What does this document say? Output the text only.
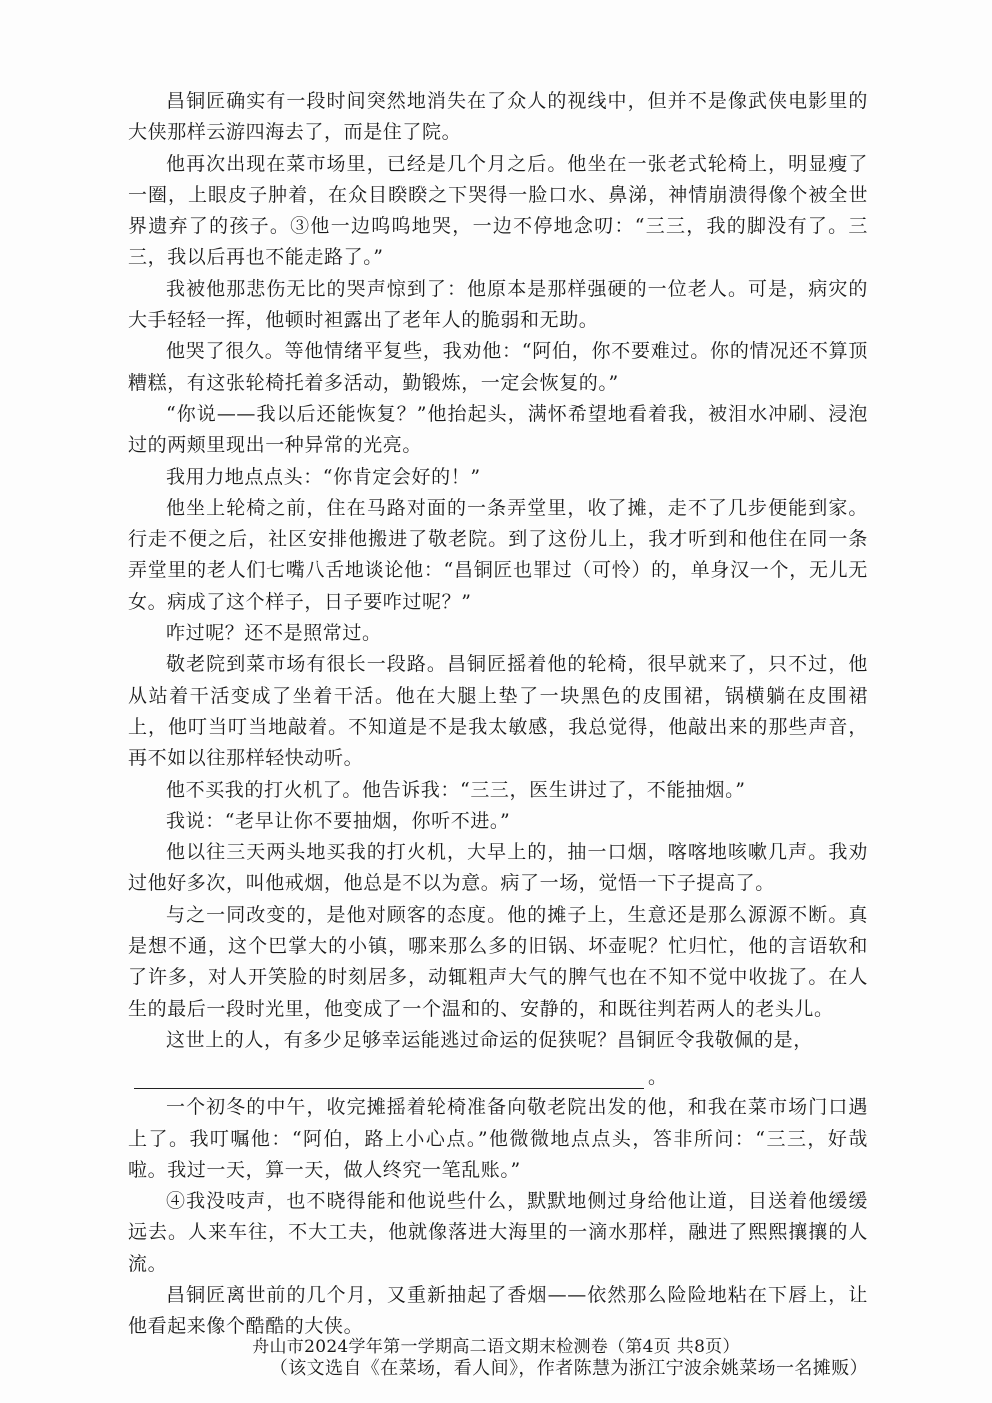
昌铜匠确实有一段时间突然地消失在了众人的视线中，但并不是像武侠电影里的大侠那样云游四海去了，而是住了院。

他再次出现在菜市场里，已经是几个月之后。他坐在一张老式轮椅上，明显瘦了一圈，上眼皮子肿着，在众目睽睽之下哭得一脸口水、鼻涕，神情崩溃得像个被全世界遗弃了的孩子。③他一边呜呜地哭，一边不停地念叨：“三三，我的脚没有了。三三，我以后再也不能走路了。”

我被他那悲伤无比的哭声惊到了：他原本是那样强硬的一位老人。可是，病灾的大手轻轻一挥，他顿时袒露出了老年人的脆弱和无助。

他哭了很久。等他情绪平复些，我劝他：“阿伯，你不要难过。你的情况还不算顶糟糕，有这张轮椅托着多活动，勤锻炼，一定会恢复的。”

“你说——我以后还能恢复？”他抬起头，满怀希望地看着我，被泪水冲刷、浸泡过的两颊里现出一种异常的光亮。

我用力地点点头：“你肯定会好的！”

他坐上轮椅之前，住在马路对面的一条弄堂里，收了摊，走不了几步便能到家。行走不便之后，社区安排他搬进了敬老院。到了这份儿上，我才听到和他住在同一条弄堂里的老人们七嘴八舌地谈论他：“昌铜匠也罪过（可怜）的，单身汉一个，无儿无女。病成了这个样子，日子要咋过呢？”

咋过呢？还不是照常过。

敬老院到菜市场有很长一段路。昌铜匠摇着他的轮椅，很早就来了，只不过，他从站着干活变成了坐着干活。他在大腿上垫了一块黑色的皮围裙，锅横躺在皮围裙上，他叮当叮当地敲着。不知道是不是我太敏感，我总觉得，他敲出来的那些声音，再不如以往那样轻快动听。

他不买我的打火机了。他告诉我：“三三，医生讲过了，不能抽烟。”

我说：“老早让你不要抽烟，你听不进。”

他以往三天两头地买我的打火机，大早上的，抽一口烟，喀喀地咳嗽几声。我劝过他好多次，叫他戒烟，他总是不以为意。病了一场，觉悟一下子提高了。

与之一同改变的，是他对顾客的态度。他的摊子上，生意还是那么源源不断。真是想不通，这个巴掌大的小镇，哪来那么多的旧锅、坏壶呢？忙归忙，他的言语软和了许多，对人开笑脸的时刻居多，动辄粗声大气的脾气也在不知不觉中收拢了。在人生的最后一段时光里，他变成了一个温和的、安静的，和既往判若两人的老头儿。

这世上的人，有多少足够幸运能逃过命运的促狭呢？昌铜匠令我敬佩的是，

。

一个初冬的中午，收完摊摇着轮椅准备向敬老院出发的他，和我在菜市场门口遇上了。我叮嘱他：“阿伯，路上小心点。”他微微地点点头，答非所问：“三三，好哉啦。我过一天，算一天，做人终究一笔乱账。”

④我没吱声，也不晓得能和他说些什么，默默地侧过身给他让道，目送着他缓缓远去。人来车往，不大工夫，他就像落进大海里的一滴水那样，融进了熙熙攘攘的人流。

昌铜匠离世前的几个月，又重新抽起了香烟——依然那么险险地粘在下唇上，让他看起来像个酷酷的大侠。

（该文选自《在菜场，看人间》，作者陈慧为浙江宁波余姚菜场一名摊贩）

舟山市2024学年第一学期高二语文期末检测卷（第4页 共8页）
